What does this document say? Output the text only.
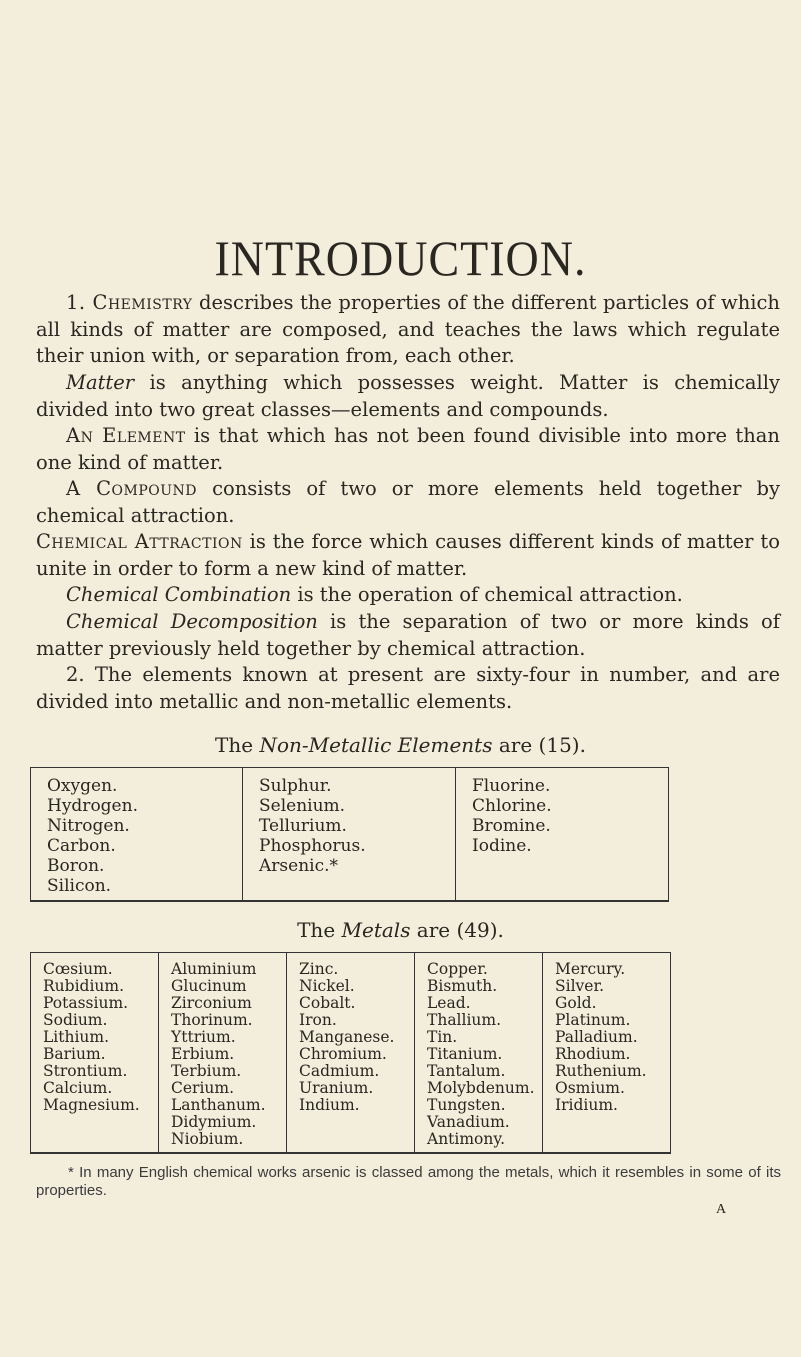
INTRODUCTION.

1. Chemistry describes the properties of the different particles of which all kinds of matter are composed, and teaches the laws which regulate their union with, or separation from, each other.

Matter is anything which possesses weight. Matter is chemically divided into two great classes—elements and compounds.

An Element is that which has not been found divisible into more than one kind of matter.

A Compound consists of two or more elements held together by chemical attraction.

Chemical Attraction is the force which causes different kinds of matter to unite in order to form a new kind of matter.

Chemical Combination is the operation of chemical attraction.

Chemical Decomposition is the separation of two or more kinds of matter previously held together by chemical attraction.

2. The elements known at present are sixty-four in number, and are divided into metallic and non-metallic elements.

The Non-Metallic Elements are (15).
Oxygen.
Hydrogen.
Nitrogen.
Carbon.
Boron.
Silicon.
Sulphur.
Selenium.
Tellurium.
Phosphorus.
Arsenic.*
Fluorine.
Chlorine.
Bromine.
Iodine.
The Metals are (49).
Cœsium.
Rubidium.
Potassium.
Sodium.
Lithium.
Barium.
Strontium.
Calcium.
Magnesium.
Aluminium
Glucinum
Zirconium
Thorinum.
Yttrium.
Erbium.
Terbium.
Cerium.
Lanthanum.
Didymium.
Niobium.
Zinc.
Nickel.
Cobalt.
Iron.
Manganese.
Chromium.
Cadmium.
Uranium.
Indium.
Copper.
Bismuth.
Lead.
Thallium.
Tin.
Titanium.
Tantalum.
Molybdenum.
Tungsten.
Vanadium.
Antimony.
Mercury.
Silver.
Gold.
Platinum.
Palladium.
Rhodium.
Ruthenium.
Osmium.
Iridium.

* In many English chemical works arsenic is classed among the metals, which it resembles in some of its properties.

A
